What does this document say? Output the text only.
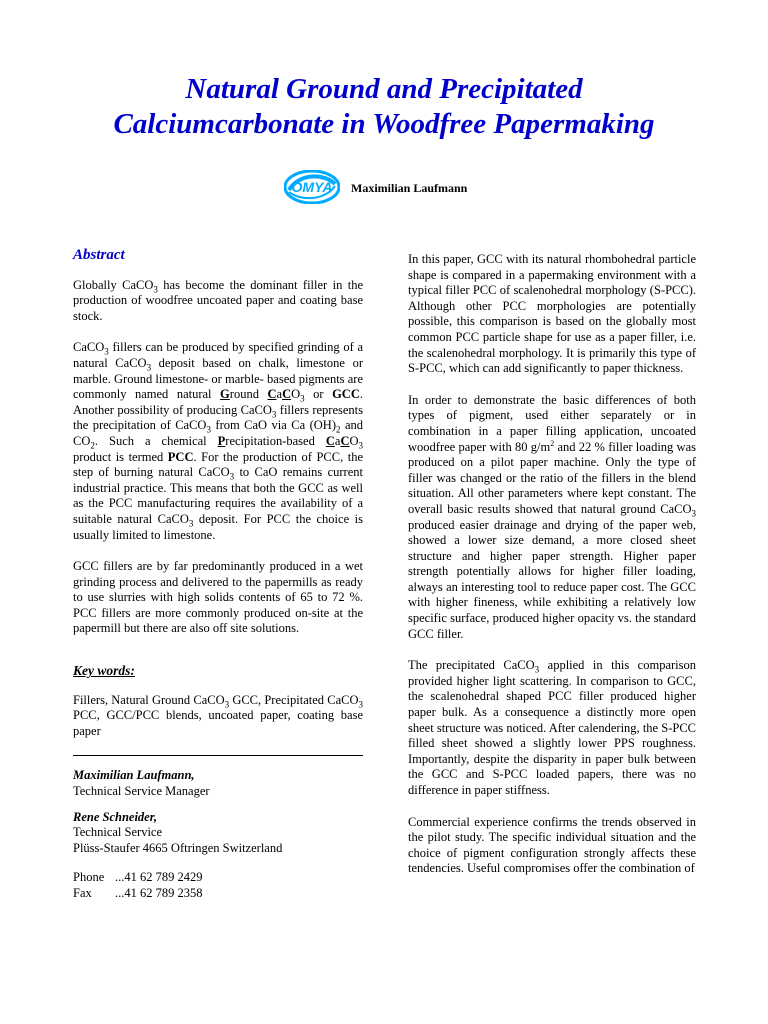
Natural Ground and Precipitated
Calciumcarbonate in Woodfree Papermaking
OMYA Maximilian Laufmann
Abstract

Globally CaCO$_3$ has become the dominant filler in the production of woodfree uncoated paper and coating base stock.

CaCO$_3$ fillers can be produced by specified grinding of a natural CaCO$_3$ deposit based on chalk, limestone or marble. Ground limestone- or marble- based pigments are commonly named natural Ground CaCO$_3$ or GCC. Another possibility of producing CaCO$_3$ fillers represents the precipitation of CaCO$_3$ from CaO via Ca $(OH)_2$ and $CO_2$. Such a chemical Precipitation-based CaCO$_3$ product is termed PCC. For the production of PCC, the step of burning natural CaCO$_3$ to CaO remains current industrial practice. This means that both the GCC as well as the PCC manufacturing requires the availability of a suitable natural CaCO$_3$ deposit. For PCC the choice is usually limited to limestone.

GCC fillers are by far predominantly produced in a wet grinding process and delivered to the papermills as ready to use slurries with high solids contents of 65 to 72 %. PCC fillers are more commonly produced on-site at the papermill but there are also off site solutions.

Key words:

Fillers, Natural Ground CaCO$_3$ GCC, Precipitated CaCO$_3$ PCC, GCC/PCC blends, uncoated paper, coating base paper

Maximilian Laufmann,
Technical Service Manager
Rene Schneider,
Technical Service
Plüss-Staufer 4665 Oftringen Switzerland
Phone ...41 62 789 2429
Fax ...41 62 789 2358

In this paper, GCC with its natural rhombohedral particle shape is compared in a papermaking environment with a typical filler PCC of scalenohedral morphology (S-PCC). Although other PCC morphologies are potentially possible, this comparison is based on the globally most common PCC particle shape for use as a paper filler, i.e. the scalenohedral morphology. It is primarily this type of S-PCC, which can add significantly to paper thickness.

In order to demonstrate the basic differences of both types of pigment, used either separately or in combination in a paper filling application, uncoated woodfree paper with 80 $g/m^2$ and 22 % filler loading was produced on a pilot paper machine. Only the type of filler was changed or the ratio of the fillers in the blend situation. All other parameters where kept constant. The overall basic results showed that natural ground CaCO$_3$ produced easier drainage and drying of the paper web, showed a lower size demand, a more closed sheet structure and higher paper strength. Higher paper strength potentially allows for higher filler loading, always an interesting tool to reduce paper cost. The GCC with higher fineness, while exhibiting a relatively low specific surface, produced higher opacity vs. the standard GCC filler.

The precipitated CaCO$_3$ applied in this comparison provided higher light scattering. In comparison to GCC, the scalenohedral shaped PCC filler produced higher paper bulk. As a consequence a distinctly more open sheet structure was noticed. After calendering, the S-PCC filled sheet showed a slightly lower PPS roughness. Importantly, despite the disparity in paper bulk between the GCC and S-PCC loaded papers, there was no difference in paper stiffness.

Commercial experience confirms the trends observed in the pilot study. The specific individual situation and the choice of pigment configuration strongly affects these tendencies. Useful compromises offer the combination of
